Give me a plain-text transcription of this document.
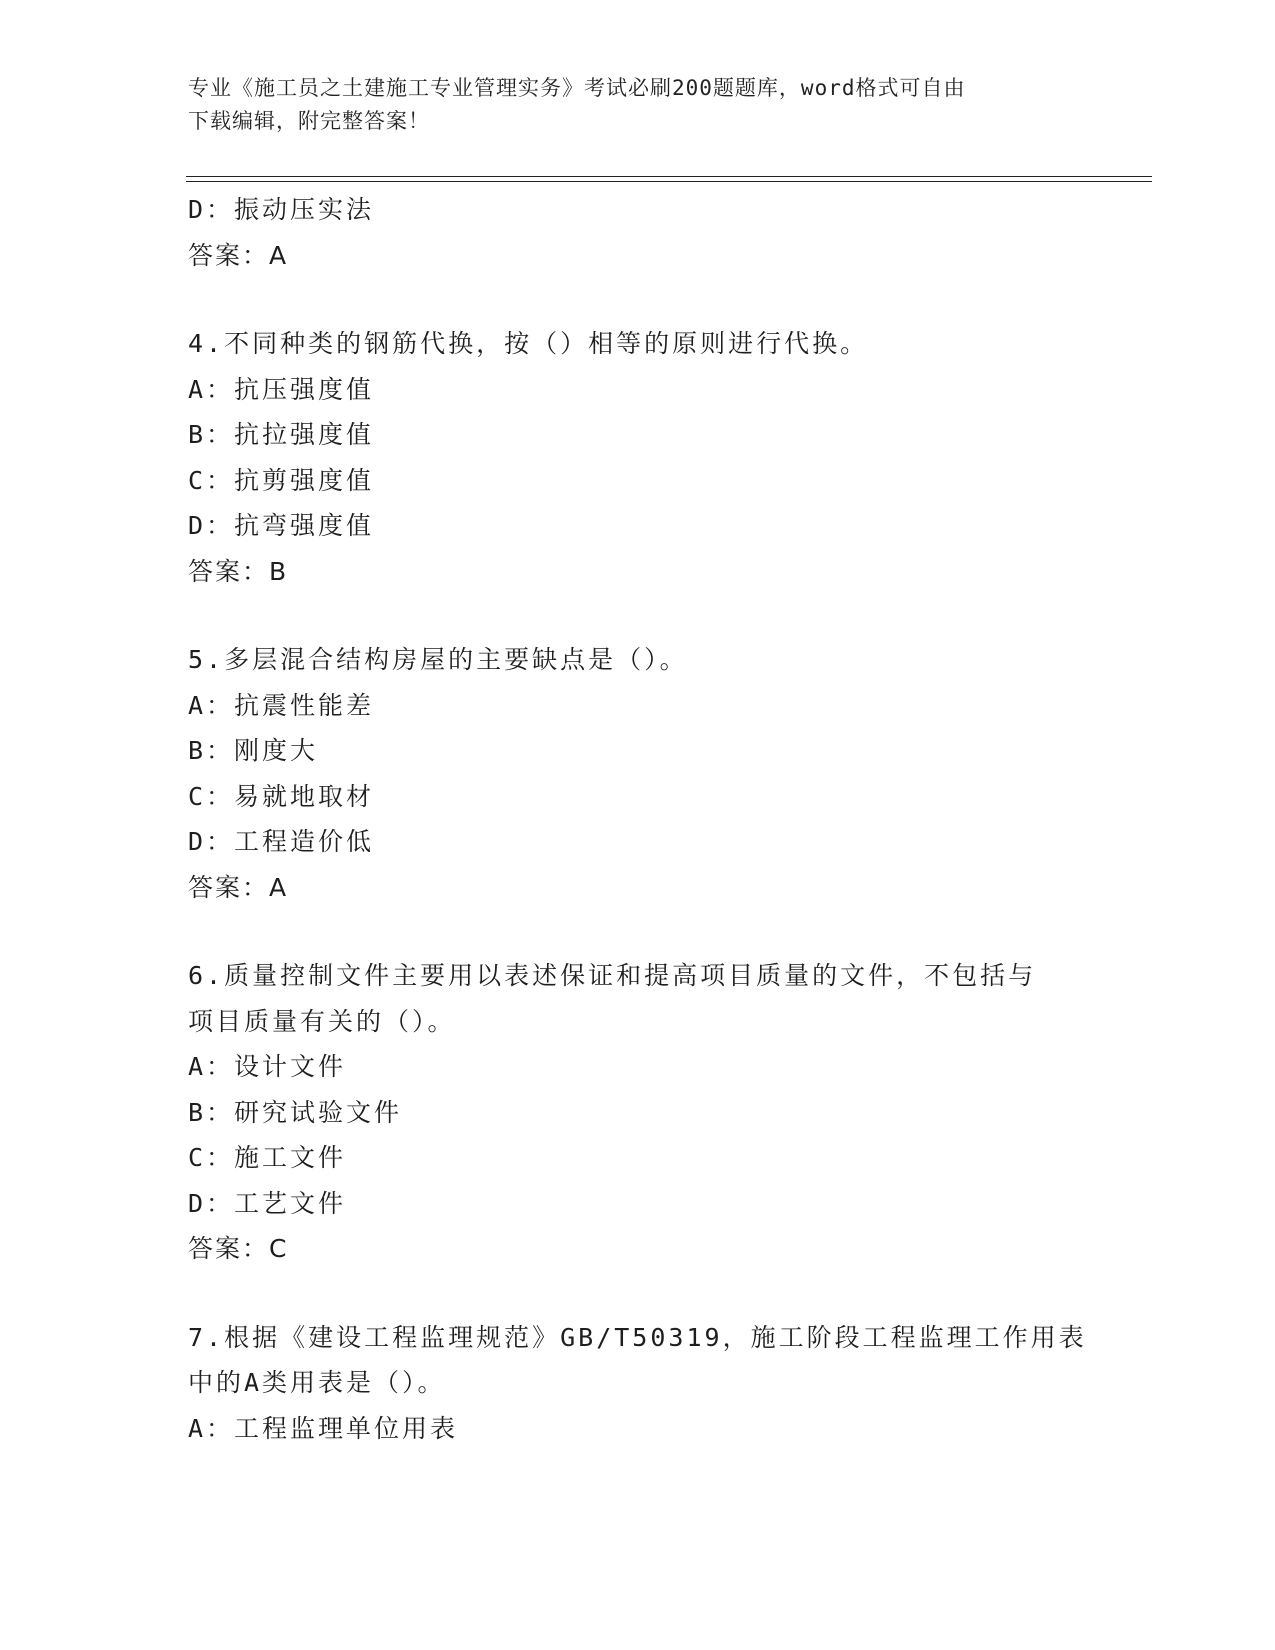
专业《施工员之土建施工专业管理实务》考试必刷200题题库，word格式可自由
下载编辑，附完整答案！
D：振动压实法
答案：A
4.不同种类的钢筋代换，按（）相等的原则进行代换。
A：抗压强度值
B：抗拉强度值
C：抗剪强度值
D：抗弯强度值
答案：B
5.多层混合结构房屋的主要缺点是（）。
A：抗震性能差
B：刚度大
C：易就地取材
D：工程造价低
答案：A
6.质量控制文件主要用以表述保证和提高项目质量的文件，不包括与
项目质量有关的（）。
A：设计文件
B：研究试验文件
C：施工文件
D：工艺文件
答案：C
7.根据《建设工程监理规范》GB/T50319，施工阶段工程监理工作用表
中的A类用表是（）。
A：工程监理单位用表
